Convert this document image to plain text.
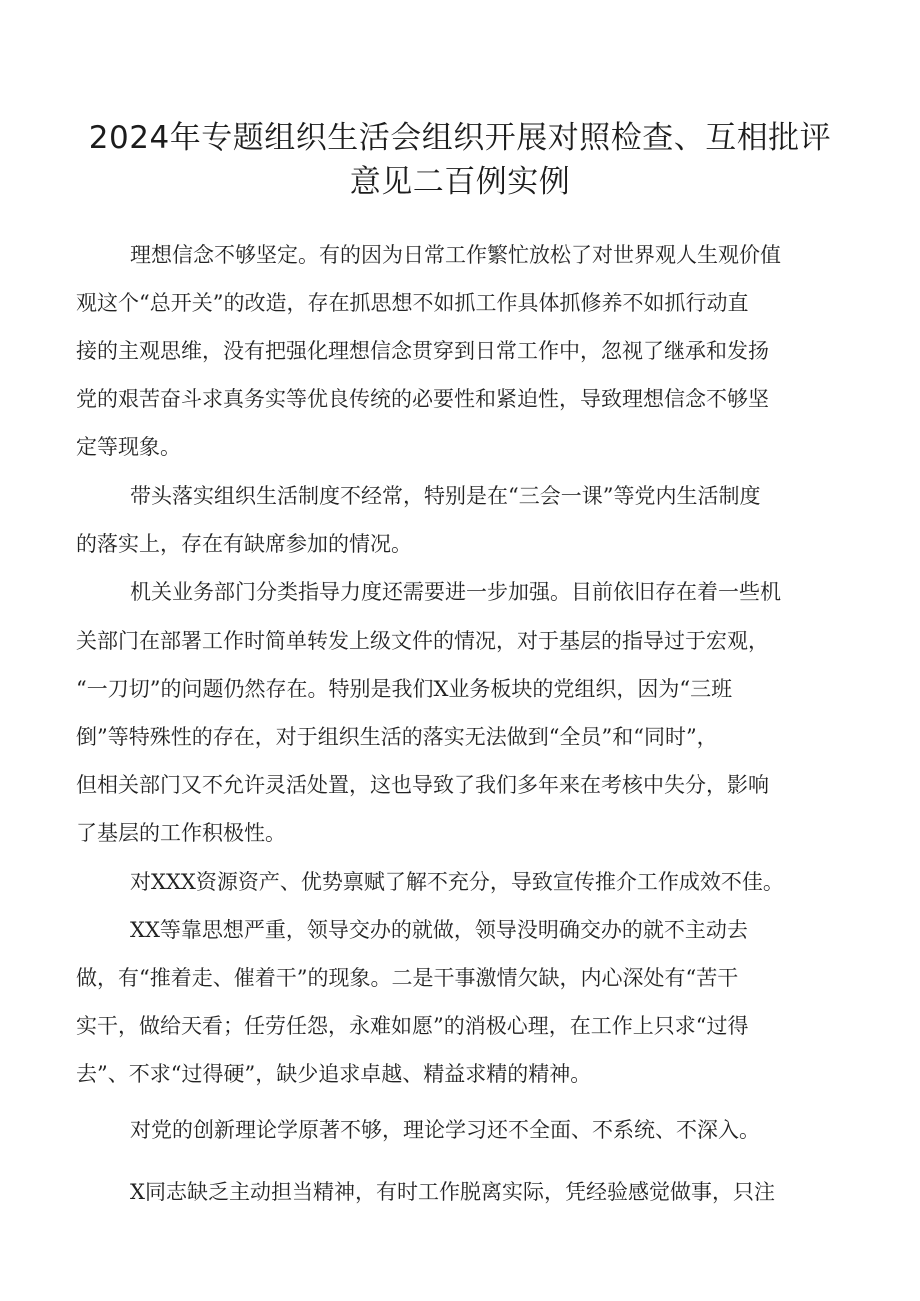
2024年专题组织生活会组织开展对照检查、互相批评
意见二百例实例
理想信念不够坚定。有的因为日常工作繁忙放松了对世界观人生观价值
观这个“总开关”的改造，存在抓思想不如抓工作具体抓修养不如抓行动直
接的主观思维，没有把强化理想信念贯穿到日常工作中，忽视了继承和发扬
党的艰苦奋斗求真务实等优良传统的必要性和紧迫性，导致理想信念不够坚
定等现象。
带头落实组织生活制度不经常，特别是在“三会一课”等党内生活制度
的落实上，存在有缺席参加的情况。
机关业务部门分类指导力度还需要进一步加强。目前依旧存在着一些机
关部门在部署工作时简单转发上级文件的情况，对于基层的指导过于宏观，
“一刀切”的问题仍然存在。特别是我们X业务板块的党组织，因为“三班
倒”等特殊性的存在，对于组织生活的落实无法做到“全员”和“同时”，
但相关部门又不允许灵活处置，这也导致了我们多年来在考核中失分，影响
了基层的工作积极性。
对XXX资源资产、优势禀赋了解不充分，导致宣传推介工作成效不佳。
XX等靠思想严重，领导交办的就做，领导没明确交办的就不主动去
做，有“推着走、催着干”的现象。二是干事激情欠缺，内心深处有“苦干
实干，做给天看；任劳任怨，永难如愿”的消极心理，在工作上只求“过得
去”、不求“过得硬”，缺少追求卓越、精益求精的精神。
对党的创新理论学原著不够，理论学习还不全面、不系统、不深入。
X同志缺乏主动担当精神，有时工作脱离实际，凭经验感觉做事，只注
